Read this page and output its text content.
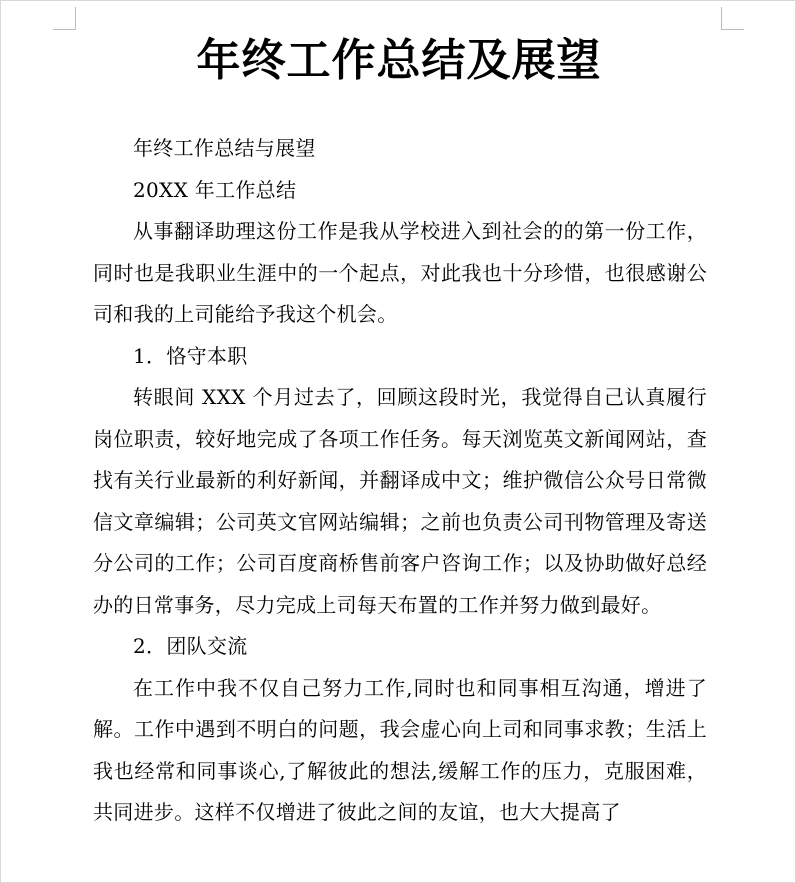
年终工作总结及展望

年终工作总结与展望

20XX 年工作总结

从事翻译助理这份工作是我从学校进入到社会的的第一份工作，同时也是我职业生涯中的一个起点，对此我也十分珍惜，也很感谢公司和我的上司能给予我这个机会。

1．恪守本职

转眼间 XXX 个月过去了，回顾这段时光，我觉得自己认真履行岗位职责，较好地完成了各项工作任务。每天浏览英文新闻网站，查找有关行业最新的利好新闻，并翻译成中文；维护微信公众号日常微信文章编辑；公司英文官网站编辑；之前也负责公司刊物管理及寄送分公司的工作；公司百度商桥售前客户咨询工作；以及协助做好总经办的日常事务，尽力完成上司每天布置的工作并努力做到最好。

2．团队交流

在工作中我不仅自己努力工作,同时也和同事相互沟通，增进了解。工作中遇到不明白的问题，我会虚心向上司和同事求教；生活上我也经常和同事谈心,了解彼此的想法,缓解工作的压力，克服困难，共同进步。这样不仅增进了彼此之间的友谊，也大大提高了
